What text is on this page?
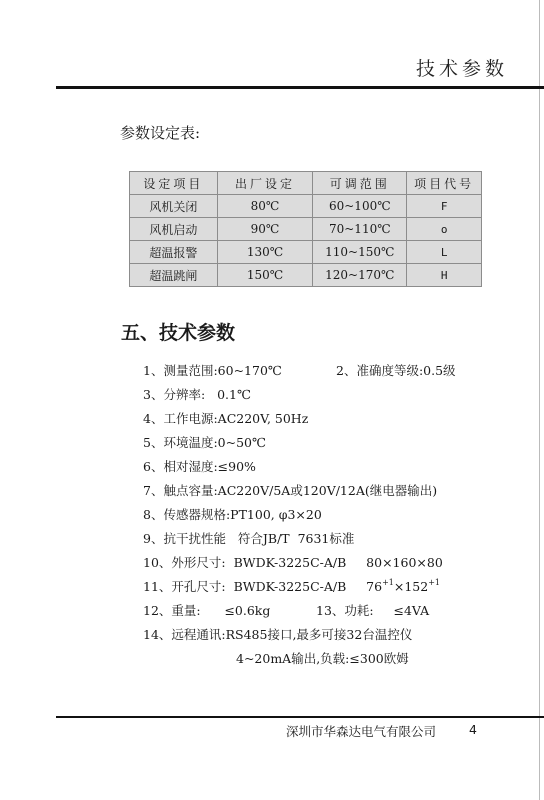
技术参数
参数设定表:
设定项目	出厂设定	可调范围	项目代号
风机关闭	80℃	60~100℃	F
风机启动	90℃	70~110℃	o
超温报警	130℃	110~150℃	L
超温跳闸	150℃	120~170℃	H
五、技术参数
1、测量范围:60~170℃	2、准确度等级:0.5级
3、分辨率:   0.1℃
4、工作电源:AC220V, 50Hz
5、环境温度:0~50℃
6、相对湿度:≤90%
7、触点容量:AC220V/5A或120V/12A(继电器输出)
8、传感器规格:PT100, φ3×20
9、抗干扰性能   符合JB/T  7631标准
10、外形尺寸:  BWDK-3225C-A/B     80×160×80
11、开孔尺寸:  BWDK-3225C-A/B     $76^{+1}\times 152^{+1}$
12、重量:      ≤0.6kg	13、功耗:     ≤4VA
14、远程通讯:RS485接口,最多可接32台温控仪
4~20mA输出,负载:≤300欧姆
深圳市华森达电气有限公司	4
